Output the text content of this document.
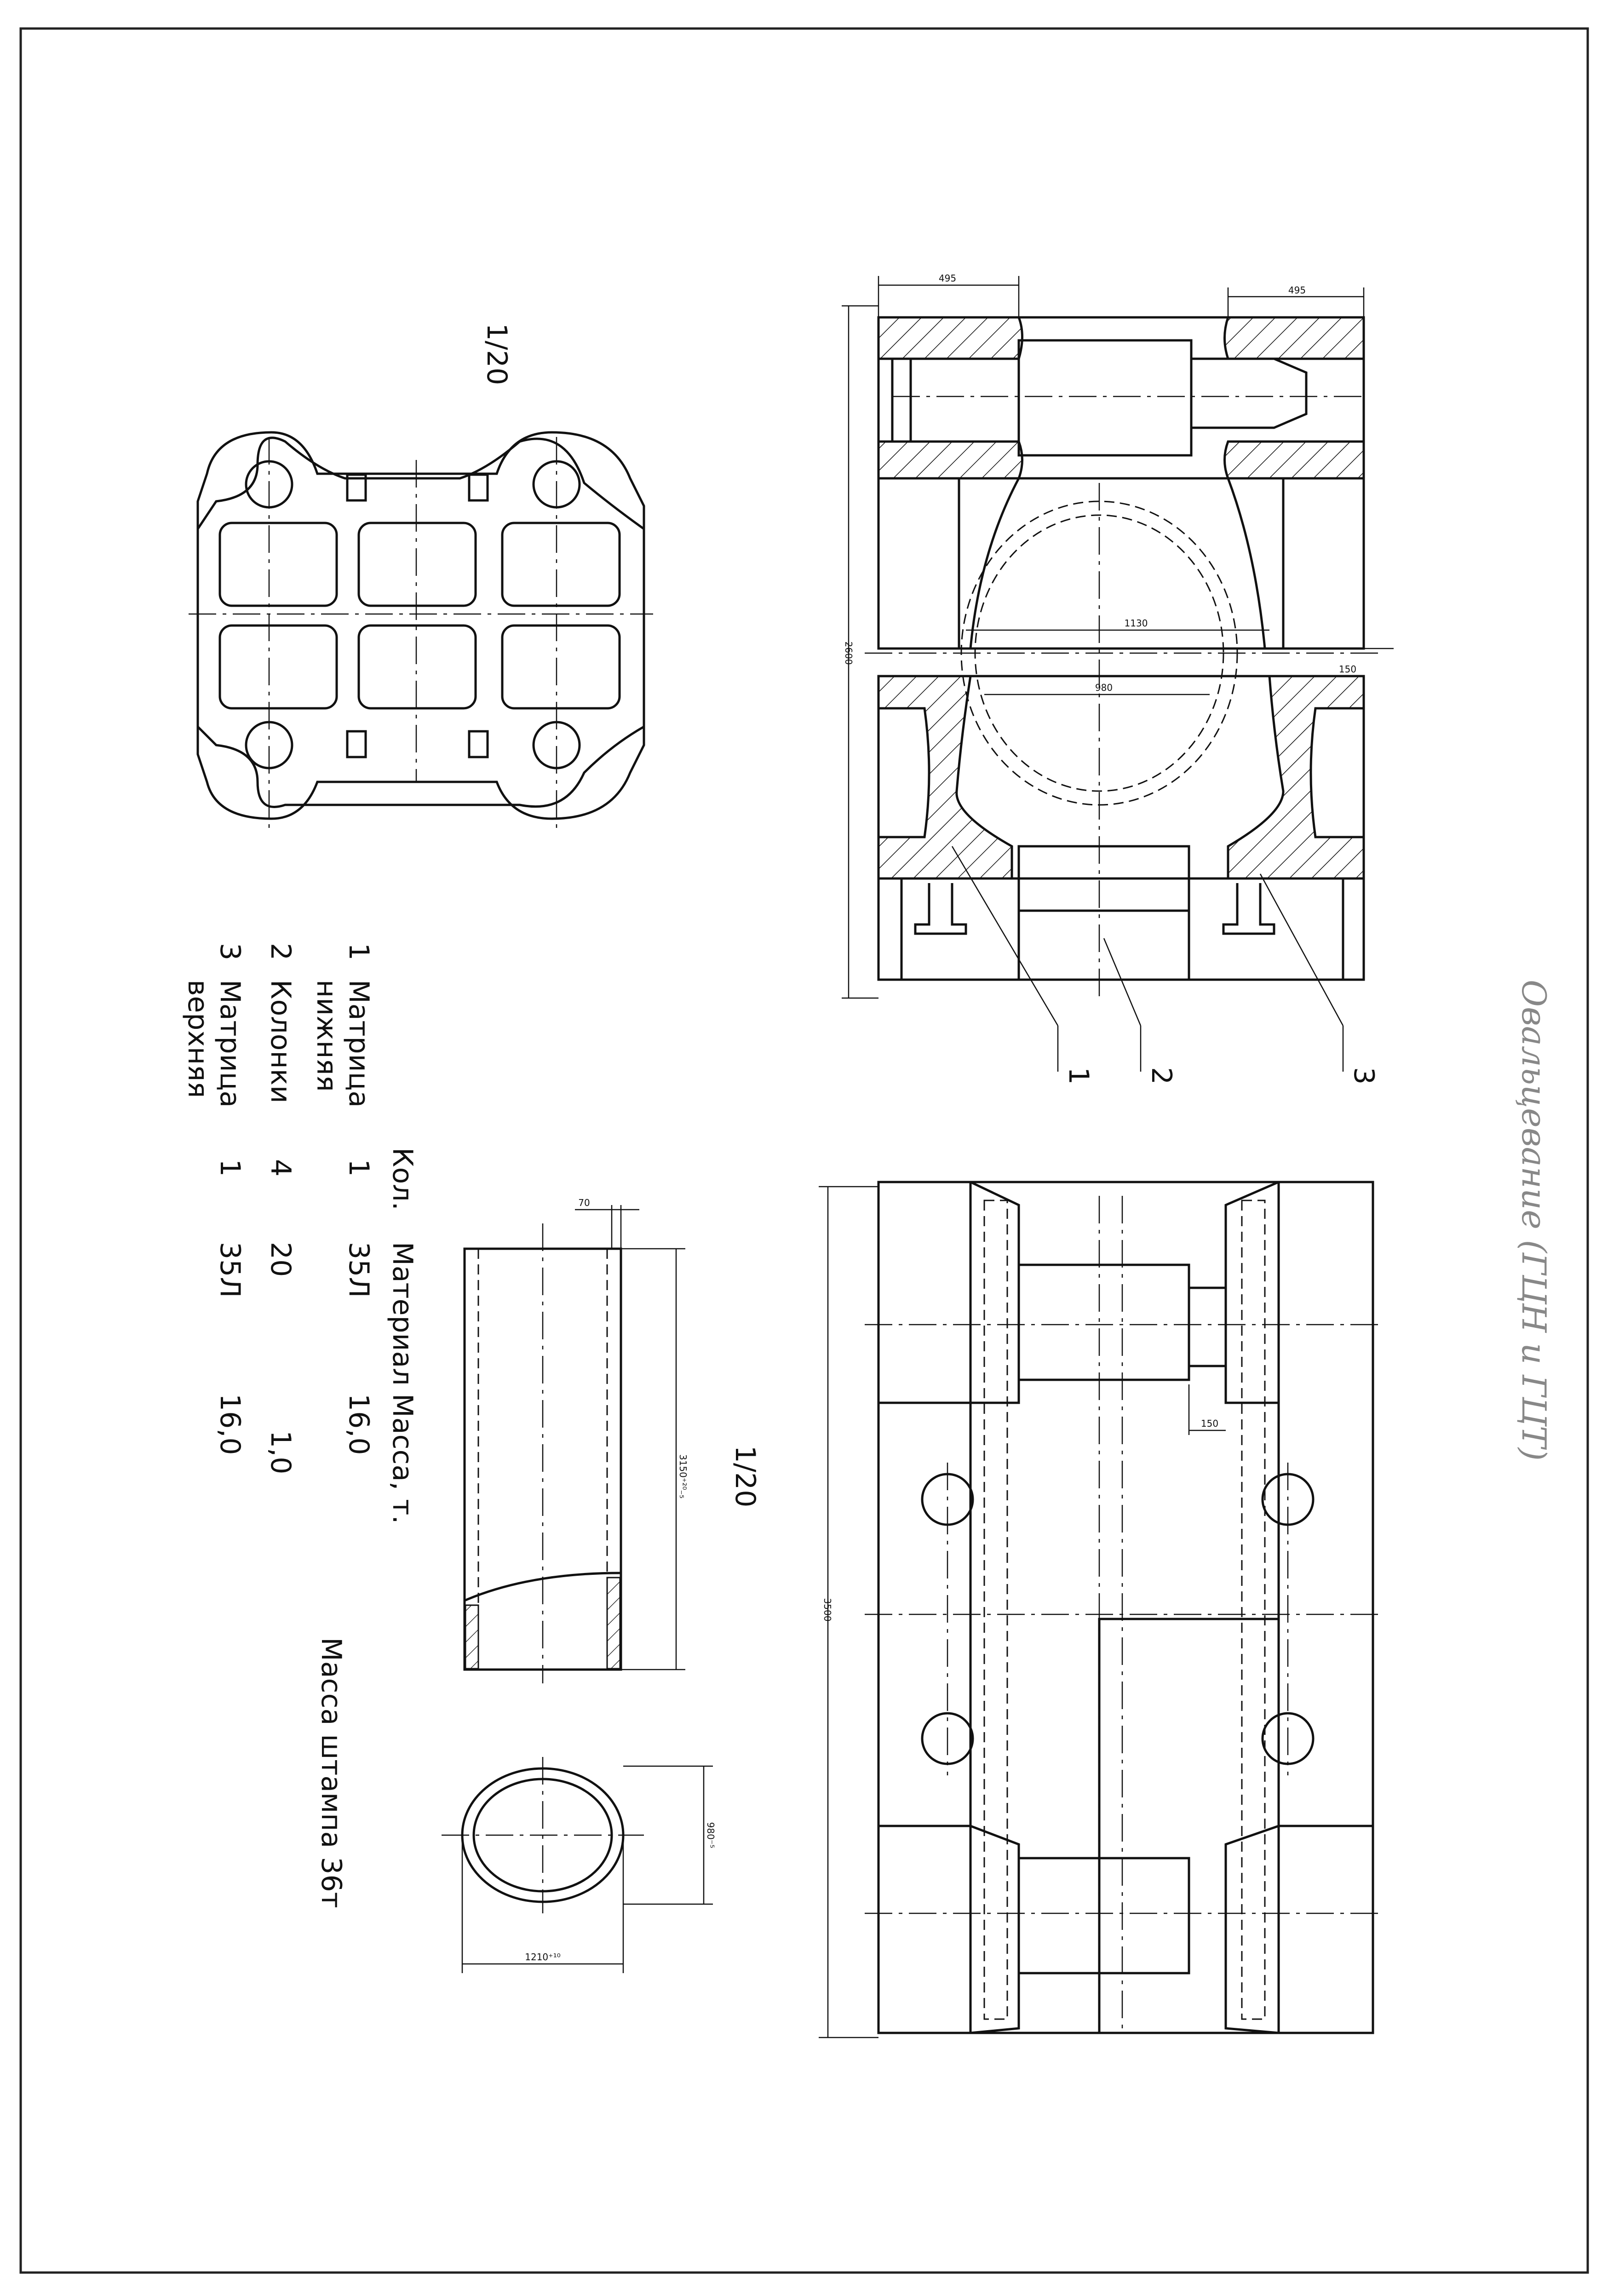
1/20
2600
495
495
1130
150
980
1 2	3
3500
150
1/20
70
3150⁺²⁰₋₅
980⁻⁵
1210⁺¹⁰
Кол.
Материал
Масса, т.
1
Матрица
нижняя
1
35Л
16,0
2
Колонки
4
20
1,0
3
Матрица
верхняя
1
35Л
16,0
Масса штампа 36т
Овальцевание (ГЦН и ГЦТ)
